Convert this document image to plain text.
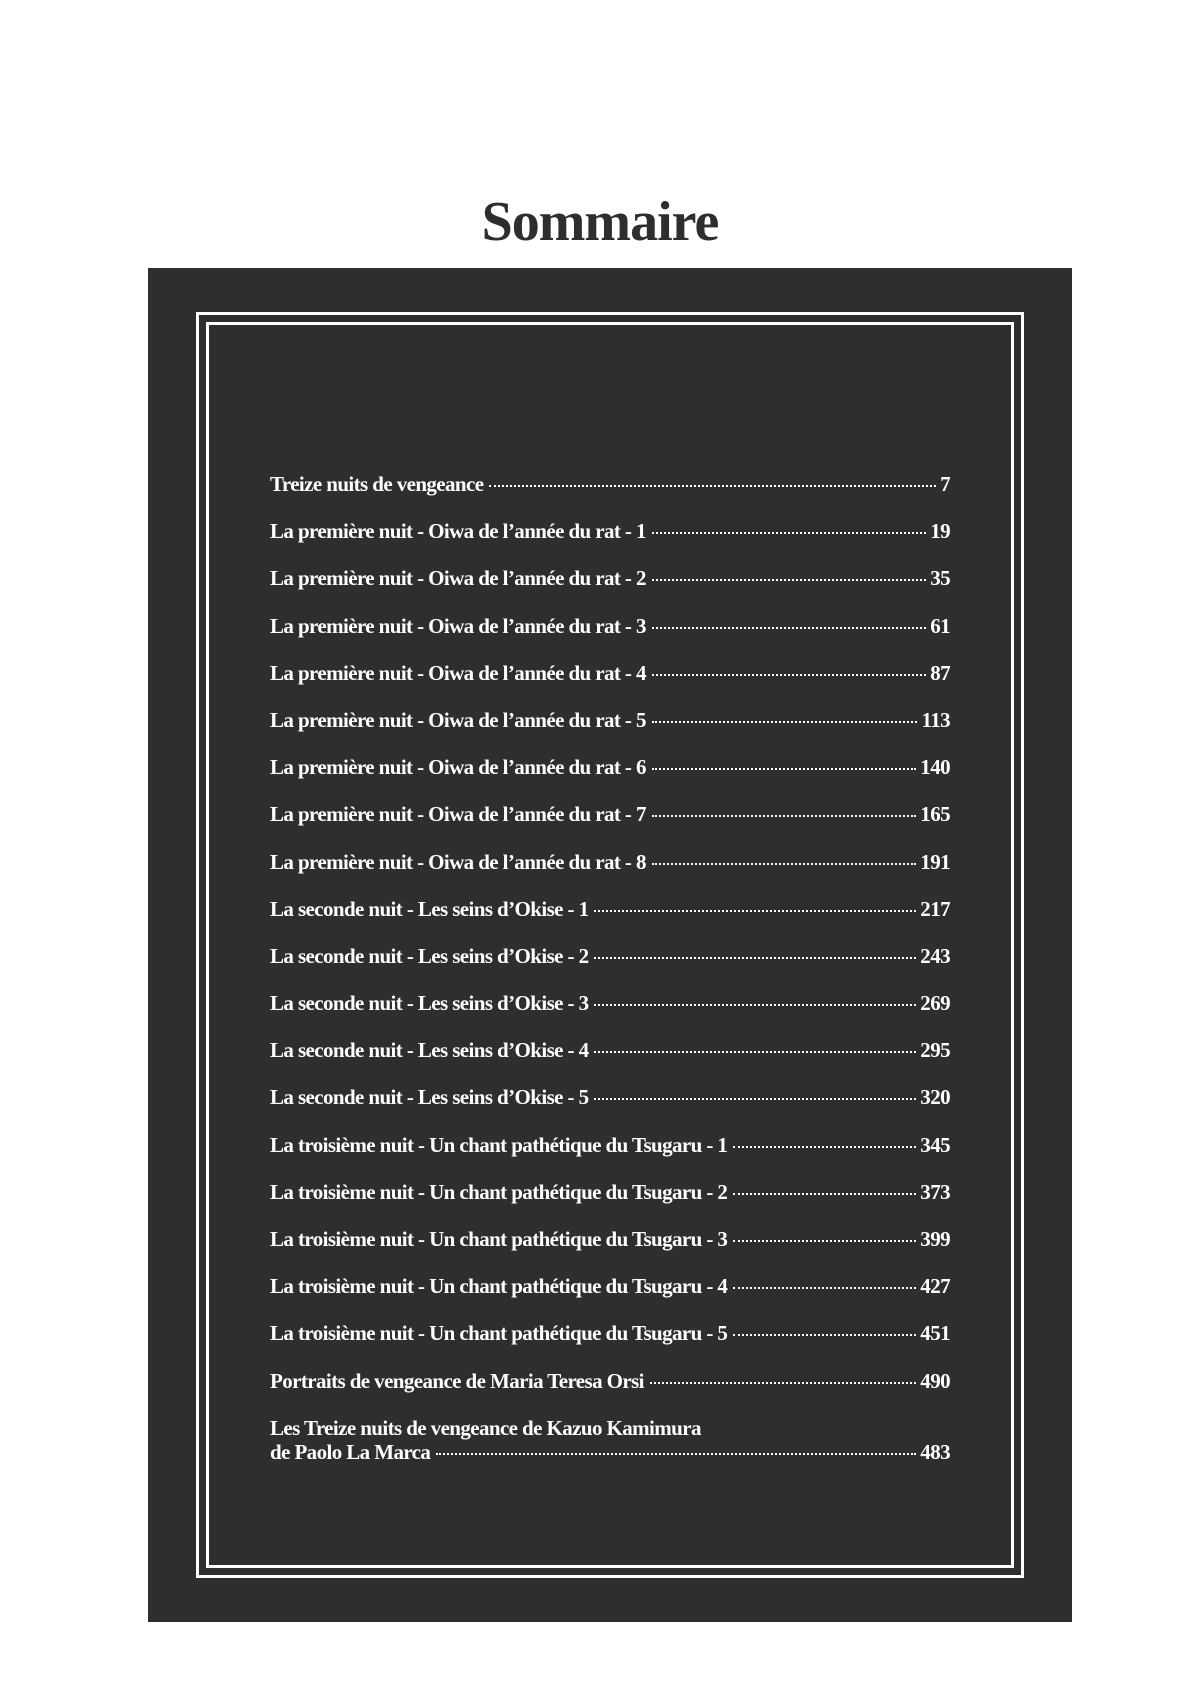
Sommaire
Treize nuits de vengeance	7
La première nuit - Oiwa de l’année du rat - 1	19
La première nuit - Oiwa de l’année du rat - 2	35
La première nuit - Oiwa de l’année du rat - 3	61
La première nuit - Oiwa de l’année du rat - 4	87
La première nuit - Oiwa de l’année du rat - 5	113
La première nuit - Oiwa de l’année du rat - 6	140
La première nuit - Oiwa de l’année du rat - 7	165
La première nuit - Oiwa de l’année du rat - 8	191
La seconde nuit - Les seins d’Okise - 1	217
La seconde nuit - Les seins d’Okise - 2	243
La seconde nuit - Les seins d’Okise - 3	269
La seconde nuit - Les seins d’Okise - 4	295
La seconde nuit - Les seins d’Okise - 5	320
La troisième nuit - Un chant pathétique du Tsugaru - 1	345
La troisième nuit - Un chant pathétique du Tsugaru - 2	373
La troisième nuit - Un chant pathétique du Tsugaru - 3	399
La troisième nuit - Un chant pathétique du Tsugaru - 4	427
La troisième nuit - Un chant pathétique du Tsugaru - 5	451
Portraits de vengeance de Maria Teresa Orsi	490
Les Treize nuits de vengeance de Kazuo Kamimura
de Paolo La Marca	483
